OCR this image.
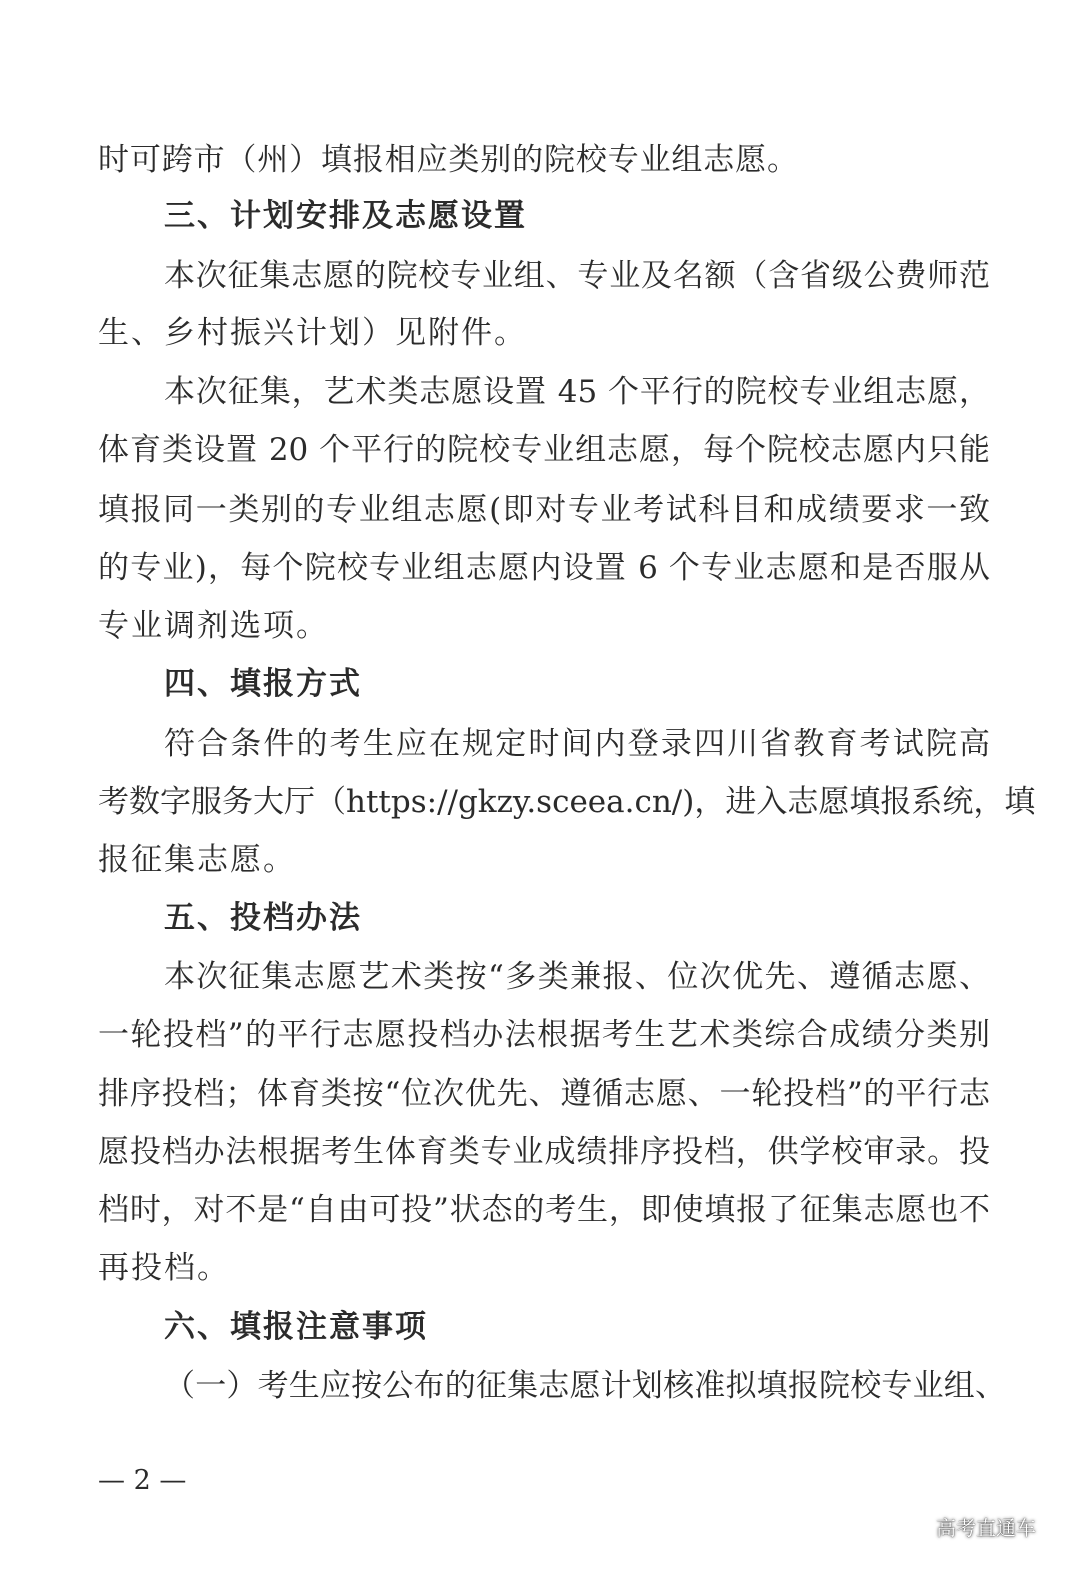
时可跨市（州）填报相应类别的院校专业组志愿。
三、计划安排及志愿设置
本次征集志愿的院校专业组、专业及名额（含省级公费师范
生、乡村振兴计划）见附件。
本次征集，艺术类志愿设置 45 个平行的院校专业组志愿，
体育类设置 20 个平行的院校专业组志愿，每个院校志愿内只能
填报同一类别的专业组志愿(即对专业考试科目和成绩要求一致
的专业)，每个院校专业组志愿内设置 6 个专业志愿和是否服从
专业调剂选项。
四、填报方式
符合条件的考生应在规定时间内登录四川省教育考试院高
考数字服务大厅（https://gkzy.sceea.cn/)，进入志愿填报系统，填
报征集志愿。
五、投档办法
本次征集志愿艺术类按“多类兼报、位次优先、遵循志愿、
一轮投档”的平行志愿投档办法根据考生艺术类综合成绩分类别
排序投档；体育类按“位次优先、遵循志愿、一轮投档”的平行志
愿投档办法根据考生体育类专业成绩排序投档，供学校审录。投
档时，对不是“自由可投”状态的考生，即使填报了征集志愿也不
再投档。
六、填报注意事项
（一）考生应按公布的征集志愿计划核准拟填报院校专业组、
— 2 —
高考直通车
